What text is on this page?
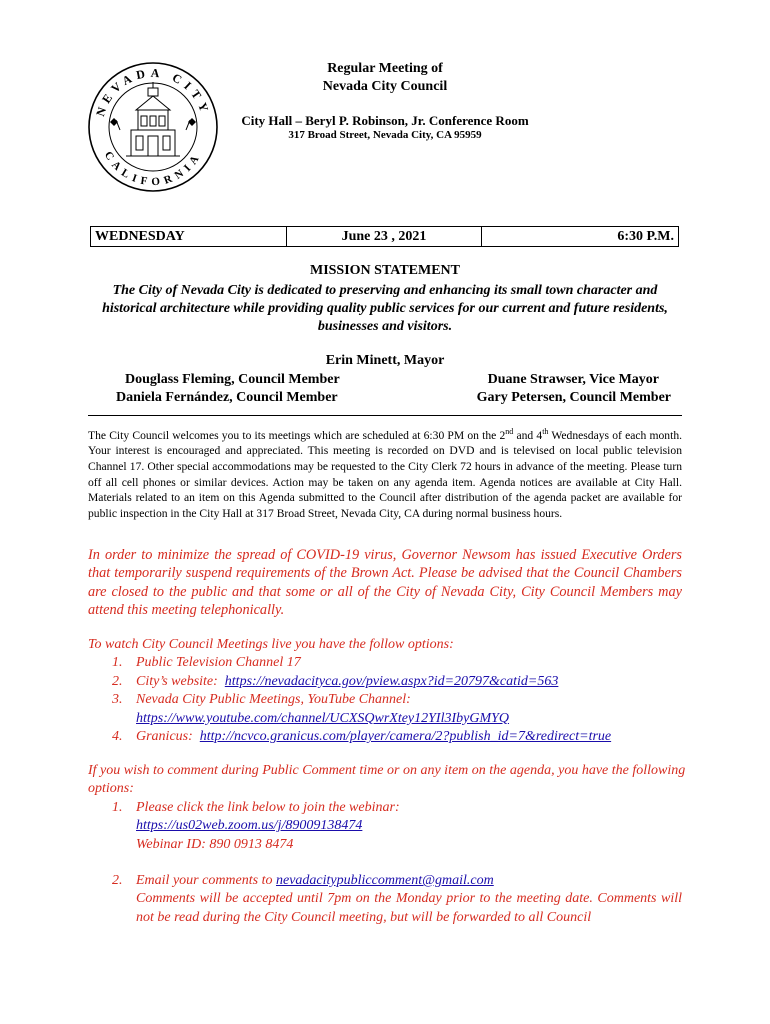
NEVADA CITY
CALIFORNIA
Regular Meeting of
Nevada City Council
City Hall – Beryl P. Robinson, Jr. Conference Room
317 Broad Street, Nevada City, CA 95959
WEDNESDAY	June 23 , 2021	6:30 P.M.
MISSION STATEMENT
The City of Nevada City is dedicated to preserving and enhancing its small town character and historical architecture while providing quality public services for our current and future residents, businesses and visitors.
Erin Minett, Mayor
Douglass Fleming, Council Member
Daniela Fernández, Council Member
Duane Strawser, Vice Mayor
Gary Petersen, Council Member
The City Council welcomes you to its meetings which are scheduled at 6:30 PM on the 2nd and 4th Wednesdays of each month. Your interest is encouraged and appreciated. This meeting is recorded on DVD and is televised on local public television Channel 17. Other special accommodations may be requested to the City Clerk 72 hours in advance of the meeting. Please turn off all cell phones or similar devices. Action may be taken on any agenda item. Agenda notices are available at City Hall. Materials related to an item on this Agenda submitted to the Council after distribution of the agenda packet are available for public inspection in the City Hall at 317 Broad Street, Nevada City, CA during normal business hours.
In order to minimize the spread of COVID-19 virus, Governor Newsom has issued Executive Orders that temporarily suspend requirements of the Brown Act. Please be advised that the Council Chambers are closed to the public and that some or all of the City of Nevada City, City Council Members may attend this meeting telephonically.
To watch City Council Meetings live you have the follow options:
1. Public Television Channel 17
2. City’s website:  https://nevadacityca.gov/pview.aspx?id=20797&catid=563
3. Nevada City Public Meetings, YouTube Channel:
https://www.youtube.com/channel/UCXSQwrXtey12YIl3IbyGMYQ
4. Granicus:  http://ncvco.granicus.com/player/camera/2?publish_id=7&redirect=true
If you wish to comment during Public Comment time or on any item on the agenda, you have the following options:
1. Please click the link below to join the webinar:
https://us02web.zoom.us/j/89009138474
Webinar ID: 890 0913 8474
2. Email your comments to nevadacitypubliccomment@gmail.com
Comments will be accepted until 7pm on the Monday prior to the meeting date. Comments will not be read during the City Council meeting, but will be forwarded to all Council
